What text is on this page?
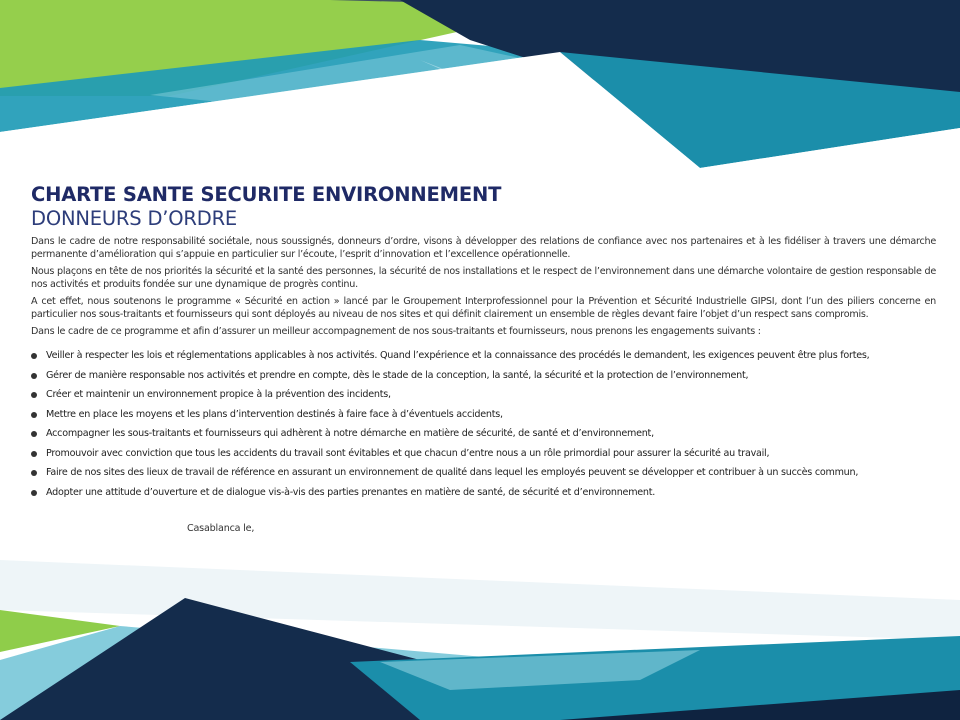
CHARTE SANTE SECURITE ENVIRONNEMENT
DONNEURS D’ORDRE

Dans le cadre de notre responsabilité sociétale, nous soussignés, donneurs d’ordre, visons à développer des relations de confiance avec nos partenaires et à les fidéliser à travers une démarche permanente d’amélioration qui s’appuie en particulier sur l’écoute, l’esprit d’innovation et l’excellence opérationnelle.

Nous plaçons en tête de nos priorités la sécurité et la santé des personnes, la sécurité de nos installations et le respect de l’environnement dans une démarche volontaire de gestion responsable de nos activités et produits fondée sur une dynamique de progrès continu.

A cet effet, nous soutenons le programme « Sécurité en action » lancé par le Groupement Interprofessionnel pour la Prévention et Sécurité Industrielle GIPSI, dont l’un des piliers concerne en particulier nos sous-traitants et fournisseurs qui sont déployés au niveau de nos sites et qui définit clairement un ensemble de règles devant faire l’objet d’un respect sans compromis.

Dans le cadre de ce programme et afin d’assurer un meilleur accompagnement de nos sous-traitants et fournisseurs, nous prenons les engagements suivants :

Veiller à respecter les lois et réglementations applicables à nos activités. Quand l’expérience et la connaissance des procédés le demandent, les exigences peuvent être plus fortes,
Gérer de manière responsable nos activités et prendre en compte, dès le stade de la conception, la santé, la sécurité et la protection de l’environnement,
Créer et maintenir un environnement propice à la prévention des incidents,
Mettre en place les moyens et les plans d’intervention destinés à faire face à d’éventuels accidents,
Accompagner les sous-traitants et fournisseurs qui adhèrent à notre démarche en matière de sécurité, de santé et d’environnement,
Promouvoir avec conviction que tous les accidents du travail sont évitables et que chacun d’entre nous a un rôle primordial pour assurer la sécurité au travail,
Faire de nos sites des lieux de travail de référence en assurant un environnement de qualité dans lequel les employés peuvent se développer et contribuer à un succès commun,
Adopter une attitude d’ouverture et de dialogue vis-à-vis des parties prenantes en matière de santé, de sécurité et d’environnement.
Casablanca le,
